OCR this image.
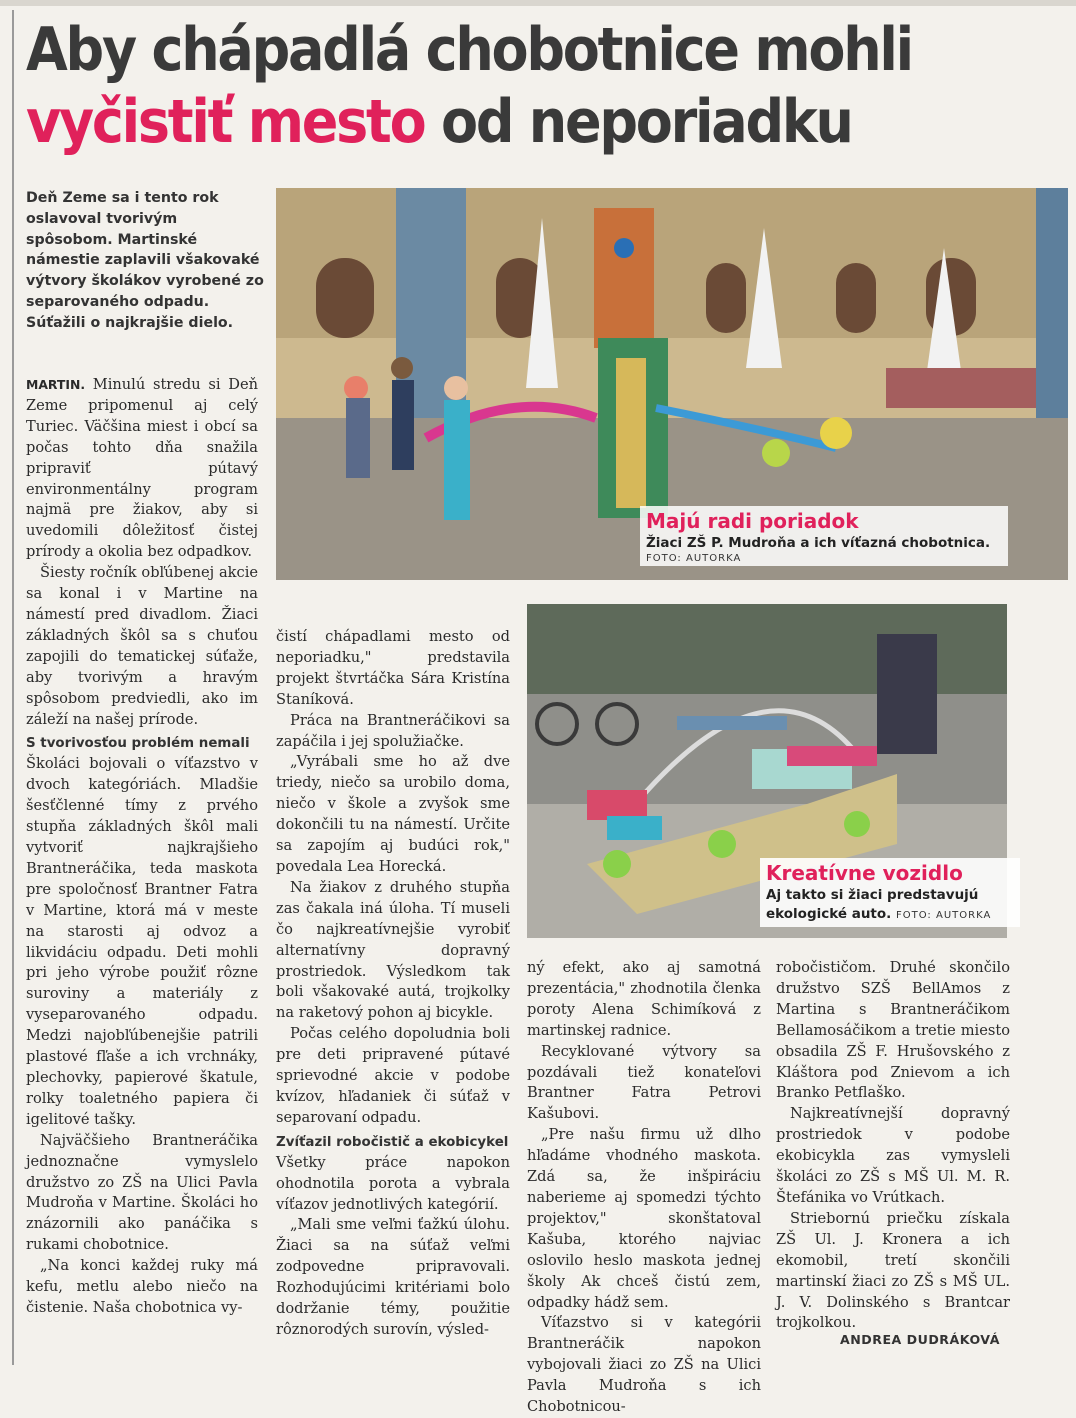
Aby chápadlá chobotnice mohli
vyčistiť mesto od neporiadku
Deň Zeme sa i tento rok oslavoval tvorivým spôsobom. Martinské námestie zaplavili všakovaké výtvory školákov vyrobené zo separovaného odpadu. Súťažili o najkrajšie dielo.
Majú radi poriadok
Žiaci ZŠ P. Mudroňa a ich víťazná chobotnica.
FOTO: AUTORKA
Kreatívne vozidlo
Aj takto si žiaci predstavujú ekologické auto. FOTO: AUTORKA

MARTIN. Minulú stredu si Deň Zeme pripomenul aj celý Turiec. Väčšina miest i obcí sa počas tohto dňa snažila pripraviť pútavý environmentálny program najmä pre žiakov, aby si uvedomili dôležitosť čistej prírody a okolia bez odpadkov.

Šiesty ročník obľúbenej akcie sa konal i v Martine na námestí pred divadlom. Žiaci základných škôl sa s chuťou zapojili do tematickej súťaže, aby tvorivým a hravým spôsobom predviedli, ako im záleží na našej prírode.

S tvorivosťou problém nemali

Školáci bojovali o víťazstvo v dvoch kategóriách. Mladšie šesťčlenné tímy z prvého stupňa základných škôl mali vytvoriť najkrajšieho Brantneráčika, teda maskota pre spoločnosť Brantner Fatra v Martine, ktorá má v meste na starosti aj odvoz a likvidáciu odpadu. Deti mohli pri jeho výrobe použiť rôzne suroviny a materiály z vyseparovaného odpadu. Medzi najobľúbenejšie patrili plastové fľaše a ich vrchnáky, plechovky, papierové škatule, rolky toaletného papiera či igelitové tašky.

Najväčšieho Brantneráčika jednoznačne vymyslelo družstvo zo ZŠ na Ulici Pavla Mudroňa v Martine. Školáci ho znázornili ako panáčika s rukami chobotnice.

„Na konci každej ruky má kefu, metlu alebo niečo na čistenie. Naša chobotnica vy-

čistí chápadlami mesto od neporiadku," predstavila projekt štvrtáčka Sára Kristína Staníková.

Práca na Brantneráčikovi sa zapáčila i jej spolužiačke.

„Vyrábali sme ho až dve triedy, niečo sa urobilo doma, niečo v škole a zvyšok sme dokončili tu na námestí. Určite sa zapojím aj budúci rok," povedala Lea Horecká.

Na žiakov z druhého stupňa zas čakala iná úloha. Tí museli čo najkreatívnejšie vyrobiť alternatívny dopravný prostriedok. Výsledkom tak boli všakovaké autá, trojkolky na raketový pohon aj bicykle.

Počas celého dopoludnia boli pre deti pripravené pútavé sprievodné akcie v podobe kvízov, hľadaniek či súťaž v separovaní odpadu.

Zvíťazil robočistič a ekobicykel

Všetky práce napokon ohodnotila porota a vybrala víťazov jednotlivých kategórií.

„Mali sme veľmi ťažkú úlohu. Žiaci sa na súťaž veľmi zodpovedne pripravovali. Rozhodujúcimi kritériami bolo dodržanie témy, použitie rôznorodých surovín, výsled-

ný efekt, ako aj samotná prezentácia," zhodnotila členka poroty Alena Schimíková z martinskej radnice.

Recyklované výtvory sa pozdávali tiež konateľovi Brantner Fatra Petrovi Kašubovi.

„Pre našu firmu už dlho hľadáme vhodného maskota. Zdá sa, že inšpiráciu naberieme aj spomedzi týchto projektov," skonštatoval Kašuba, ktorého najviac oslovilo heslo maskota jednej školy Ak chceš čistú zem, odpadky hádž sem.

Víťazstvo si v kategórii Brantneráčik napokon vybojovali žiaci zo ZŠ na Ulici Pavla Mudroňa s ich Chobotnicou-

robočističom. Druhé skončilo družstvo SZŠ BellAmos z Martina s Brantneráčikom Bellamosáčikom a tretie miesto obsadila ZŠ F. Hrušovského z Kláštora pod Znievom a ich Branko Petflaško.

Najkreatívnejší dopravný prostriedok v podobe ekobicykla zas vymysleli školáci zo ZŠ s MŠ Ul. M. R. Štefánika vo Vrútkach.

Striebornú priečku získala ZŠ Ul. J. Kronera a ich ekomobil, tretí skončili martinskí žiaci zo ZŠ s MŠ UL. J. V. Dolinského s Brantcar trojkolkou.

ANDREA DUDRÁKOVÁ
